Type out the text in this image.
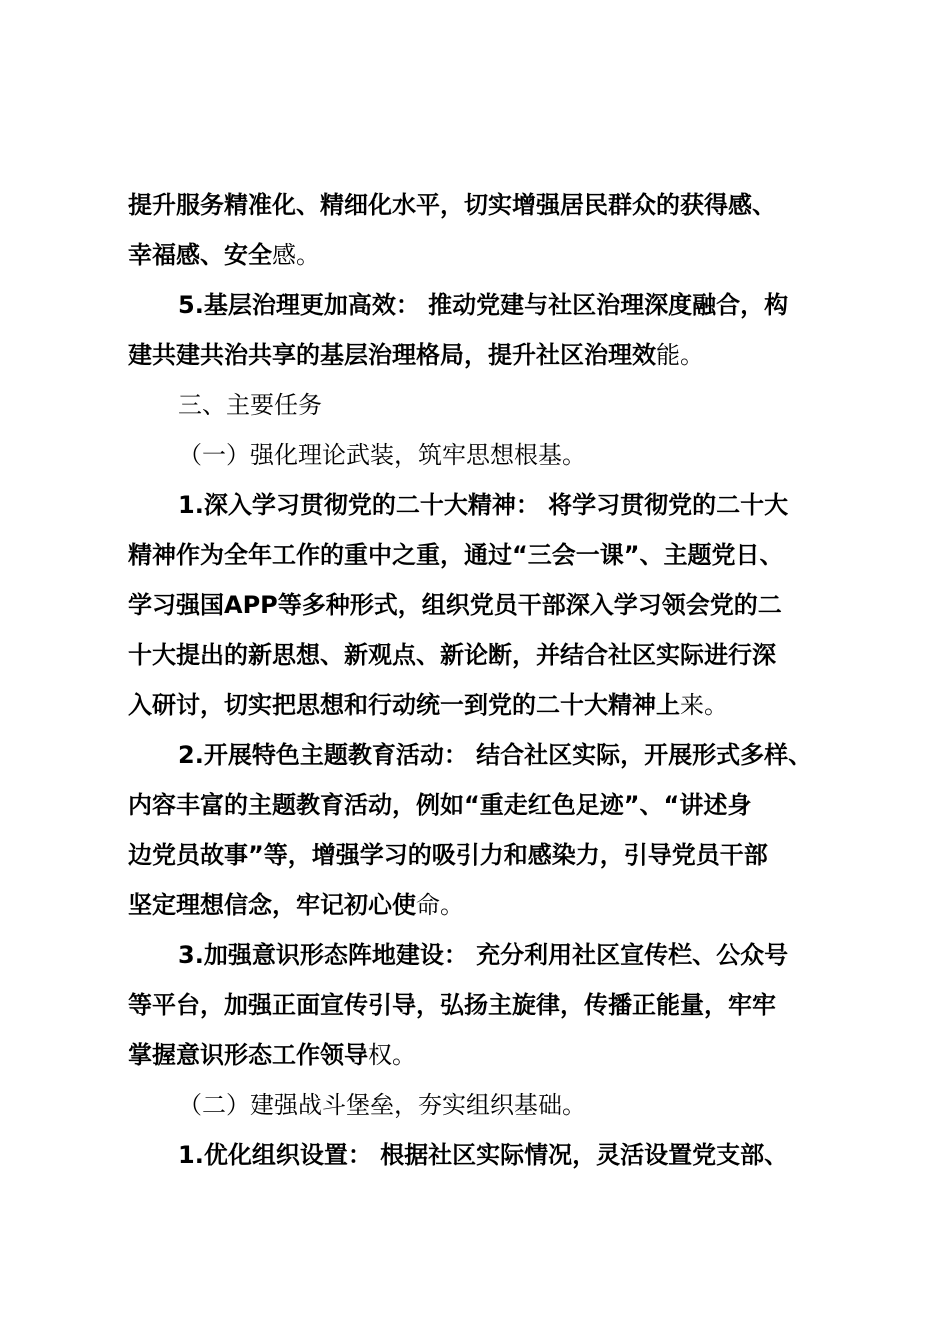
提升服务精准化、精细化水平，切实增强居民群众的获得感、
幸福感、安全感。
5.基层治理更加高效： 推动党建与社区治理深度融合，构
建共建共治共享的基层治理格局，提升社区治理效能。
三、主要任务
（一）强化理论武装，筑牢思想根基。
1.深入学习贯彻党的二十大精神： 将学习贯彻党的二十大
精神作为全年工作的重中之重，通过“三会一课”、主题党日、
学习强国APP等多种形式，组织党员干部深入学习领会党的二
十大提出的新思想、新观点、新论断，并结合社区实际进行深
入研讨，切实把思想和行动统一到党的二十大精神上来。
2.开展特色主题教育活动： 结合社区实际，开展形式多样、
内容丰富的主题教育活动，例如“重走红色足迹”、“讲述身
边党员故事”等，增强学习的吸引力和感染力，引导党员干部
坚定理想信念，牢记初心使命。
3.加强意识形态阵地建设： 充分利用社区宣传栏、公众号
等平台，加强正面宣传引导，弘扬主旋律，传播正能量，牢牢
掌握意识形态工作领导权。
（二）建强战斗堡垒，夯实组织基础。
1.优化组织设置： 根据社区实际情况，灵活设置党支部、
